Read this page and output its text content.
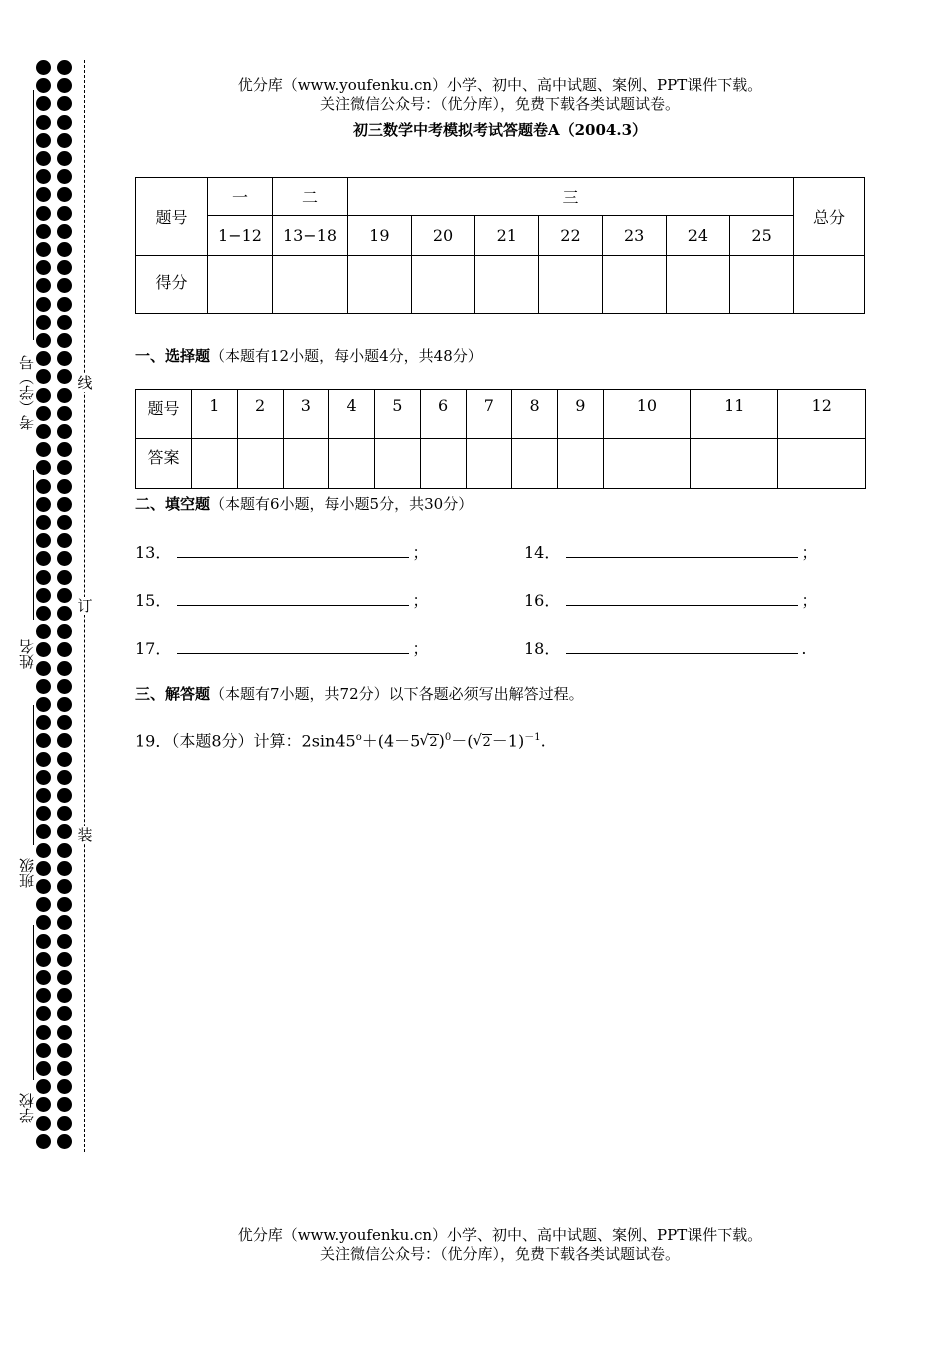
优分库（www.youfenku.cn）小学、初中、高中试题、案例、PPT课件下载。
关注微信公众号：（优分库），免费下载各类试题试卷。
初三数学中考模拟考试答题卷A（2004.3）
线
订
装
考（学）号
姓名
班级
学校
题号	一	二	三							总分
	1−12	13−18	19	20	21	22	23	24	25	
得分										
一、选择题（本题有12小题，每小题4分，共48分）
题号	1	2	3	4	5	6	7	8	9	10	11	12
答案												
二、填空题（本题有6小题，每小题5分，共30分）
13．	；	14．	；
15．	；	16．	；
17．	；	18．	.
三、解答题（本题有7小题，共72分）以下各题必须写出解答过程。
19．（本题8分）计算：$2\sin 45^o+(4-5$ √ 2)$^0$－( √ 2－1)$^{-1}$.
优分库（www.youfenku.cn）小学、初中、高中试题、案例、PPT课件下载。
关注微信公众号：（优分库），免费下载各类试题试卷。
